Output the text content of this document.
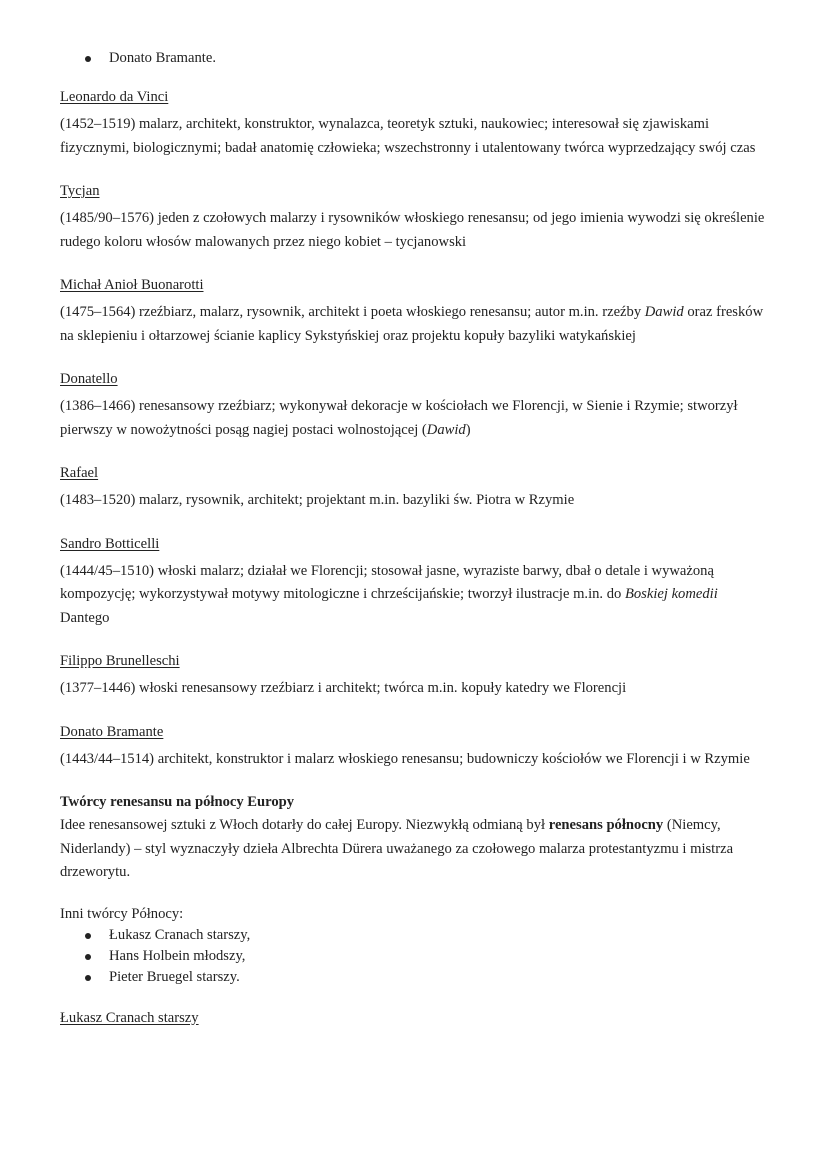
Donato Bramante.
Leonardo da Vinci

(1452–1519) malarz, architekt, konstruktor, wynalazca, teoretyk sztuki, naukowiec; interesował się zjawiskami fizycznymi, biologicznymi; badał anatomię człowieka; wszechstronny i utalentowany twórca wyprzedzający swój czas

Tycjan

(1485/90–1576) jeden z czołowych malarzy i rysowników włoskiego renesansu; od jego imienia wywodzi się określenie rudego koloru włosów malowanych przez niego kobiet – tycjanowski

Michał Anioł Buonarotti

(1475–1564) rzeźbiarz, malarz, rysownik, architekt i poeta włoskiego renesansu; autor m.in. rzeźby Dawid oraz fresków na sklepieniu i ołtarzowej ścianie kaplicy Sykstyńskiej oraz projektu kopuły bazyliki watykańskiej

Donatello

(1386–1466) renesansowy rzeźbiarz; wykonywał dekoracje w kościołach we Florencji, w Sienie i Rzymie; stworzył pierwszy w nowożytności posąg nagiej postaci wolnostojącej (Dawid)

Rafael

(1483–1520) malarz, rysownik, architekt; projektant m.in. bazyliki św. Piotra w Rzymie

Sandro Botticelli

(1444/45–1510) włoski malarz; działał we Florencji; stosował jasne, wyraziste barwy, dbał o detale i wyważoną kompozycję; wykorzystywał motywy mitologiczne i chrześcijańskie; tworzył ilustracje m.in. do Boskiej komedii Dantego

Filippo Brunelleschi

(1377–1446) włoski renesansowy rzeźbiarz i architekt; twórca m.in. kopuły katedry we Florencji

Donato Bramante

(1443/44–1514) architekt, konstruktor i malarz włoskiego renesansu; budowniczy kościołów we Florencji i w Rzymie

Twórcy renesansu na północy Europy

Idee renesansowej sztuki z Włoch dotarły do całej Europy. Niezwykłą odmianą był renesans północny (Niemcy, Niderlandy) – styl wyznaczyły dzieła Albrechta Dürera uważanego za czołowego malarza protestantyzmu i mistrza drzeworytu.

Inni twórcy Północy:

Łukasz Cranach starszy,
Hans Holbein młodszy,
Pieter Bruegel starszy.
Łukasz Cranach starszy
